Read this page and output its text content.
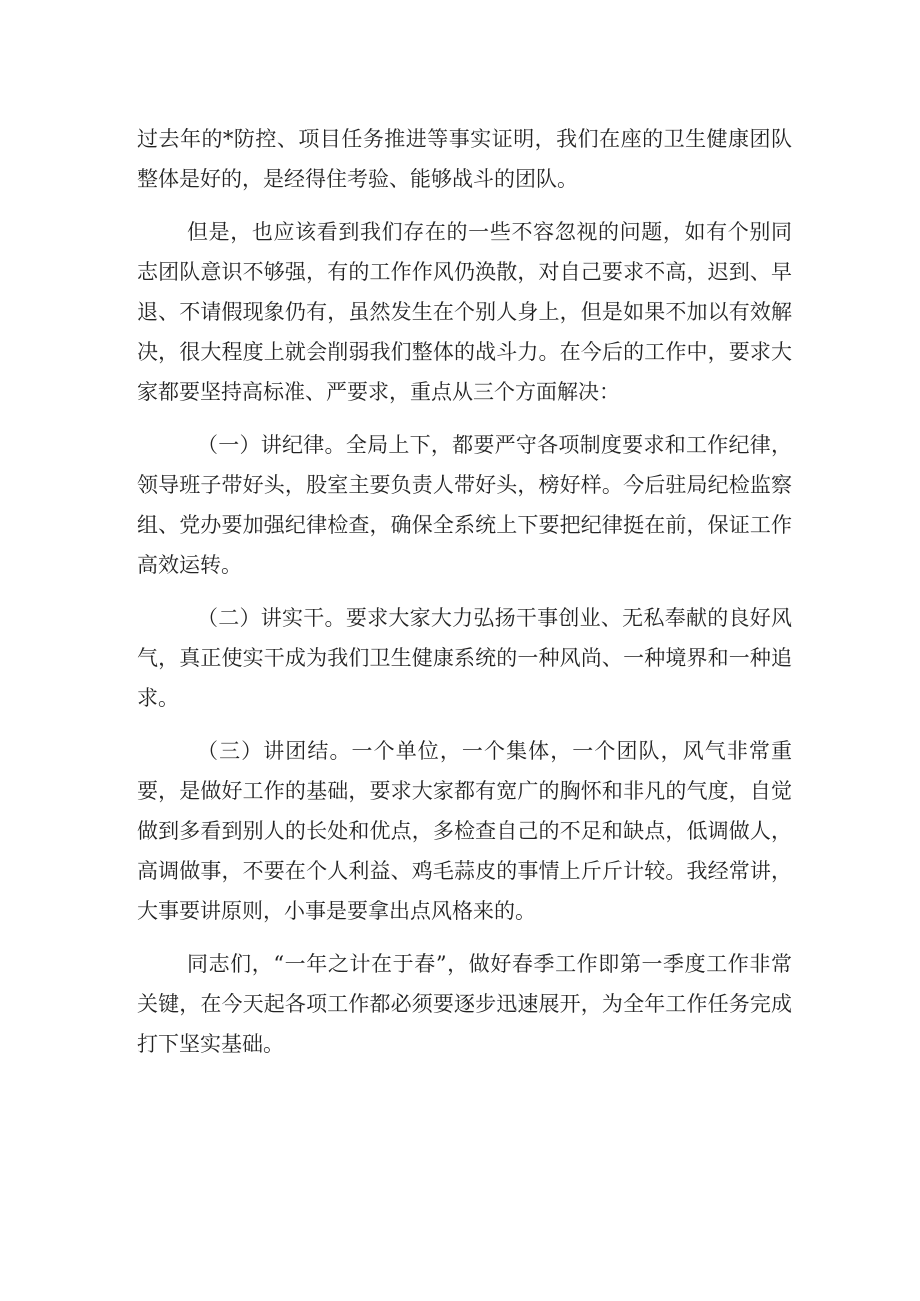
过去年的*防控、项目任务推进等事实证明，我们在座的卫生健康团队整体是好的，是经得住考验、能够战斗的团队。

但是，也应该看到我们存在的一些不容忽视的问题，如有个别同志团队意识不够强，有的工作作风仍涣散，对自己要求不高，迟到、早退、不请假现象仍有，虽然发生在个别人身上，但是如果不加以有效解决，很大程度上就会削弱我们整体的战斗力。在今后的工作中，要求大家都要坚持高标准、严要求，重点从三个方面解决：

（一）讲纪律。全局上下，都要严守各项制度要求和工作纪律，领导班子带好头，股室主要负责人带好头，榜好样。今后驻局纪检监察组、党办要加强纪律检查，确保全系统上下要把纪律挺在前，保证工作高效运转。

（二）讲实干。要求大家大力弘扬干事创业、无私奉献的良好风气，真正使实干成为我们卫生健康系统的一种风尚、一种境界和一种追求。

（三）讲团结。一个单位，一个集体，一个团队，风气非常重要，是做好工作的基础，要求大家都有宽广的胸怀和非凡的气度，自觉做到多看到别人的长处和优点，多检查自己的不足和缺点，低调做人，高调做事，不要在个人利益、鸡毛蒜皮的事情上斤斤计较。我经常讲，大事要讲原则，小事是要拿出点风格来的。

同志们，“一年之计在于春”，做好春季工作即第一季度工作非常关键，在今天起各项工作都必须要逐步迅速展开，为全年工作任务完成打下坚实基础。
